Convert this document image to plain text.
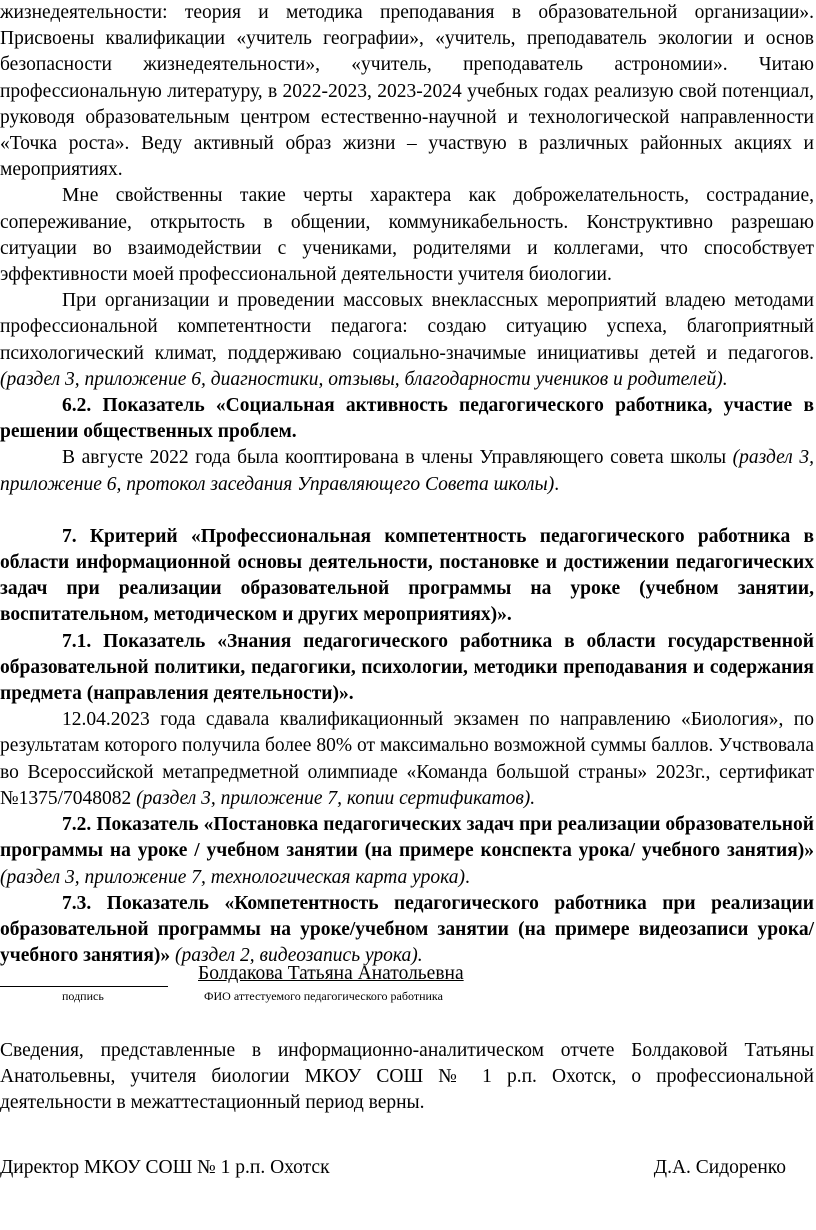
жизнедеятельности: теория и методика преподавания в образовательной организации». Присвоены квалификации «учитель географии», «учитель, преподаватель экологии и основ безопасности жизнедеятельности», «учитель, преподаватель астрономии». Читаю профессиональную литературу, в 2022-2023, 2023-2024 учебных годах реализую свой потенциал, руководя образовательным центром естественно-научной и технологической направленности «Точка роста». Веду активный образ жизни – участвую в различных районных акциях и мероприятиях.

Мне свойственны такие черты характера как доброжелательность, сострадание, сопереживание, открытость в общении, коммуникабельность. Конструктивно разрешаю ситуации во взаимодействии с учениками, родителями и коллегами, что способствует эффективности моей профессиональной деятельности учителя биологии.

При организации и проведении массовых внеклассных мероприятий владею методами профессиональной компетентности педагога: создаю ситуацию успеха, благоприятный психологический климат, поддерживаю социально-значимые инициативы детей и педагогов. (раздел 3, приложение 6, диагностики, отзывы, благодарности учеников и родителей).

6.2. Показатель «Социальная активность педагогического работника, участие в решении общественных проблем.

В августе 2022 года была кооптирована в члены Управляющего совета школы (раздел 3, приложение 6, протокол заседания Управляющего Совета школы).

7. Критерий «Профессиональная компетентность педагогического работника в области информационной основы деятельности, постановке и достижении педагогических задач при реализации образовательной программы на уроке (учебном занятии, воспитательном, методическом и других мероприятиях)».

7.1. Показатель «Знания педагогического работника в области государственной образовательной политики, педагогики, психологии, методики преподавания и содержания предмета (направления деятельности)».

12.04.2023 года сдавала квалификационный экзамен по направлению «Биология», по результатам которого получила более 80% от максимально возможной суммы баллов. Учствовала во Всероссийской метапредметной олимпиаде «Команда большой страны» 2023г., сертификат №1375/7048082 (раздел 3, приложение 7, копии сертификатов).

7.2. Показатель «Постановка педагогических задач при реализации образовательной программы на уроке / учебном занятии (на примере конспекта урока/ учебного занятия)» (раздел 3, приложение 7, технологическая карта урока).

7.3. Показатель «Компетентность педагогического работника при реализации образовательной программы на уроке/учебном занятии (на примере видеозаписи урока/ учебного занятия)» (раздел 2, видеозапись урока).

Болдакова Татьяна Анатольевна
подпись	ФИО аттестуемого педагогического работника

Сведения, представленные в информационно-аналитическом отчете Болдаковой Татьяны Анатольевны, учителя биологии МКОУ СОШ № 1 р.п. Охотск, о профессиональной деятельности в межаттестационный период верны.

Директор МКОУ СОШ № 1 р.п. Охотск	Д.А. Сидоренко
